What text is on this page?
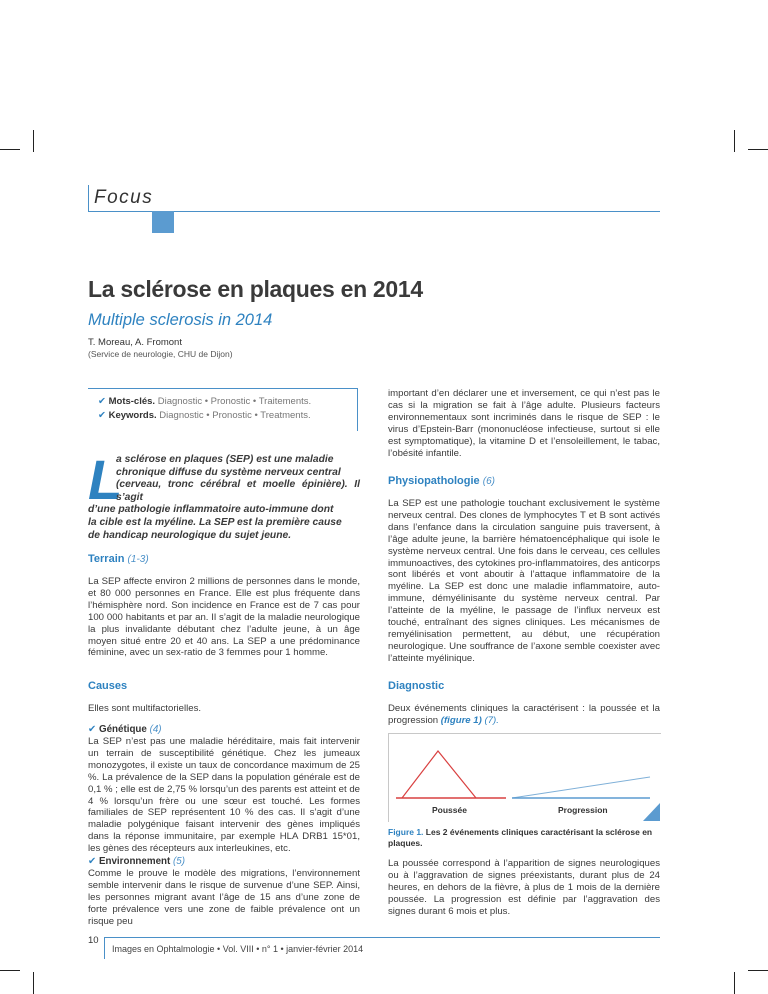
Focus
La sclérose en plaques en 2014
Multiple sclerosis in 2014
T. Moreau, A. Fromont
(Service de neurologie, CHU de Dijon)
✔ Mots-clés. Diagnostic • Pronostic • Traitements.
✔ Keywords. Diagnostic • Pronostic • Treatments.
L
a sclérose en plaques (SEP) est une maladie
chronique diffuse du système nerveux central
(cerveau, tronc cérébral et moelle épinière). Il s’agit
d’une pathologie inflammatoire auto-immune dont
la cible est la myéline. La SEP est la première cause
de handicap neurologique du sujet jeune.
Terrain (1-3)
La SEP affecte environ 2 millions de personnes dans le monde, et 80 000 personnes en France. Elle est plus fréquente dans l’hémisphère nord. Son incidence en France est de 7 cas pour 100 000 habitants et par an. Il s’agit de la maladie neurologique la plus invalidante débutant chez l’adulte jeune, à un âge moyen situé entre 20 et 40 ans. La SEP a une prédominance féminine, avec un sex-ratio de 3 femmes pour 1 homme.
Causes
Elles sont multifactorielles.
✔ Génétique (4)
La SEP n’est pas une maladie héréditaire, mais fait intervenir un terrain de susceptibilité génétique. Chez les jumeaux monozygotes, il existe un taux de concordance maximum de 25 %. La prévalence de la SEP dans la population générale est de 0,1 % ; elle est de 2,75 % lorsqu’un des parents est atteint et de 4 % lorsqu’un frère ou une sœur est touché. Les formes familiales de SEP représentent 10 % des cas. Il s’agit d’une maladie polygénique faisant intervenir des gènes impliqués dans la réponse immunitaire, par exemple HLA DRB1 15*01, les gènes des récepteurs aux interleukines, etc.
✔ Environnement (5)
Comme le prouve le modèle des migrations, l’environnement semble intervenir dans le risque de survenue d’une SEP. Ainsi, les personnes migrant avant l’âge de 15 ans d’une zone de forte prévalence vers une zone de faible prévalence ont un risque peu
important d’en déclarer une et inversement, ce qui n’est pas le cas si la migration se fait à l’âge adulte. Plusieurs facteurs environnementaux sont incriminés dans le risque de SEP : le virus d’Epstein-Barr (mononucléose infectieuse, surtout si elle est symptomatique), la vitamine D et l’ensoleillement, le tabac, l’obésité infantile.
Physiopathologie (6)
La SEP est une pathologie touchant exclusivement le système nerveux central. Des clones de lymphocytes T et B sont activés dans l’enfance dans la circulation sanguine puis traversent, à l’âge adulte jeune, la barrière hématoencéphalique qui isole le système nerveux central. Une fois dans le cerveau, ces cellules immunoactives, des cytokines pro-inflammatoires, des anticorps sont libérés et vont aboutir à l’attaque inflammatoire de la myéline. La SEP est donc une maladie inflammatoire, auto-immune, démyélinisante du système nerveux central. Par l’atteinte de la myéline, le passage de l’influx nerveux est touché, entraînant des signes cliniques. Les mécanismes de remyélinisation permettent, au début, une récupération neurologique. Une souffrance de l’axone semble coexister avec l’atteinte myélinique.
Diagnostic
Deux événements cliniques la caractérisent : la poussée et la progression (figure 1) (7).
Poussée	Progression
Figure 1. Les 2 événements cliniques caractérisant la sclérose en plaques.
La poussée correspond à l’apparition de signes neurologiques ou à l’aggravation de signes préexistants, durant plus de 24 heures, en dehors de la fièvre, à plus de 1 mois de la dernière poussée. La progression est définie par l’aggravation des signes durant 6 mois et plus.
10
Images en Ophtalmologie • Vol. VIII • n° 1 • janvier-février 2014
